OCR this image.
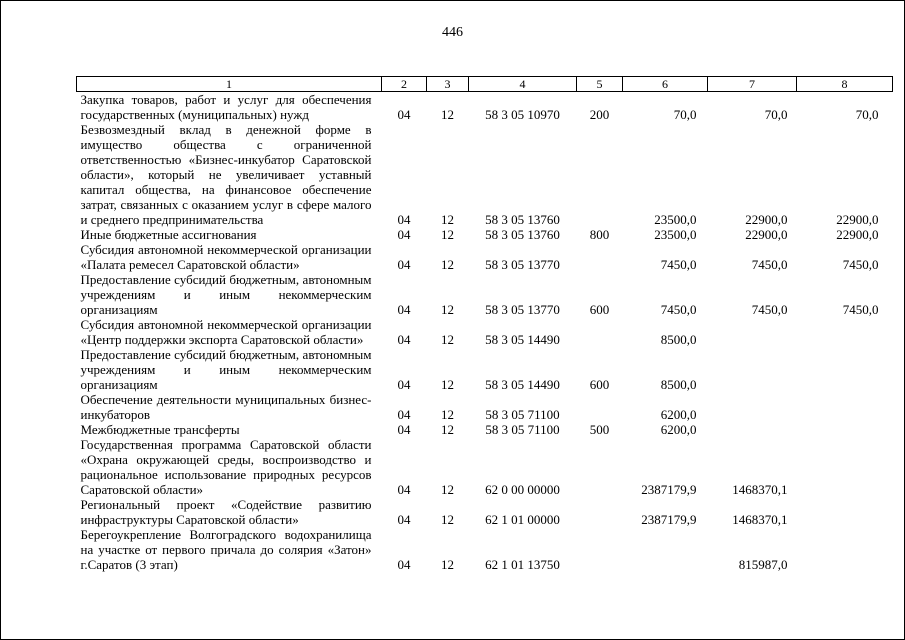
446
1	2	3	4	5	6	7	8
Закупка товаров, работ и услуг для обеспечения государственных (муниципальных) нужд	04	12	58 3 05 10970	200	70,0	70,0	70,0
Безвозмездный вклад в денежной форме в имущество общества с ограниченной ответственностью «Бизнес-инкубатор Саратовской области», который не увеличивает уставный капитал общества, на финансовое обеспечение затрат, связанных с оказанием услуг в сфере малого и среднего предпринимательства	04	12	58 3 05 13760		23500,0	22900,0	22900,0
Иные бюджетные ассигнования	04	12	58 3 05 13760	800	23500,0	22900,0	22900,0
Субсидия автономной некоммерческой организации «Палата ремесел Саратовской области»	04	12	58 3 05 13770		7450,0	7450,0	7450,0
Предоставление субсидий бюджетным, автономным учреждениям и иным некоммерческим организациям	04	12	58 3 05 13770	600	7450,0	7450,0	7450,0
Субсидия автономной некоммерческой организации «Центр поддержки экспорта Саратовской области»	04	12	58 3 05 14490		8500,0		
Предоставление субсидий бюджетным, автономным учреждениям и иным некоммерческим организациям	04	12	58 3 05 14490	600	8500,0		
Обеспечение деятельности муниципальных бизнес-инкубаторов	04	12	58 3 05 71100		6200,0		
Межбюджетные трансферты	04	12	58 3 05 71100	500	6200,0		
Государственная программа Саратовской области «Охрана окружающей среды, воспроизводство и рациональное использование природных ресурсов Саратовской области»	04	12	62 0 00 00000		2387179,9	1468370,1	
Региональный проект «Содействие развитию инфраструктуры Саратовской области»	04	12	62 1 01 00000		2387179,9	1468370,1	
Берегоукрепление Волгоградского водохранилища на участке от первого причала до солярия «Затон» г.Саратов (3 этап)	04	12	62 1 01 13750			815987,0	
